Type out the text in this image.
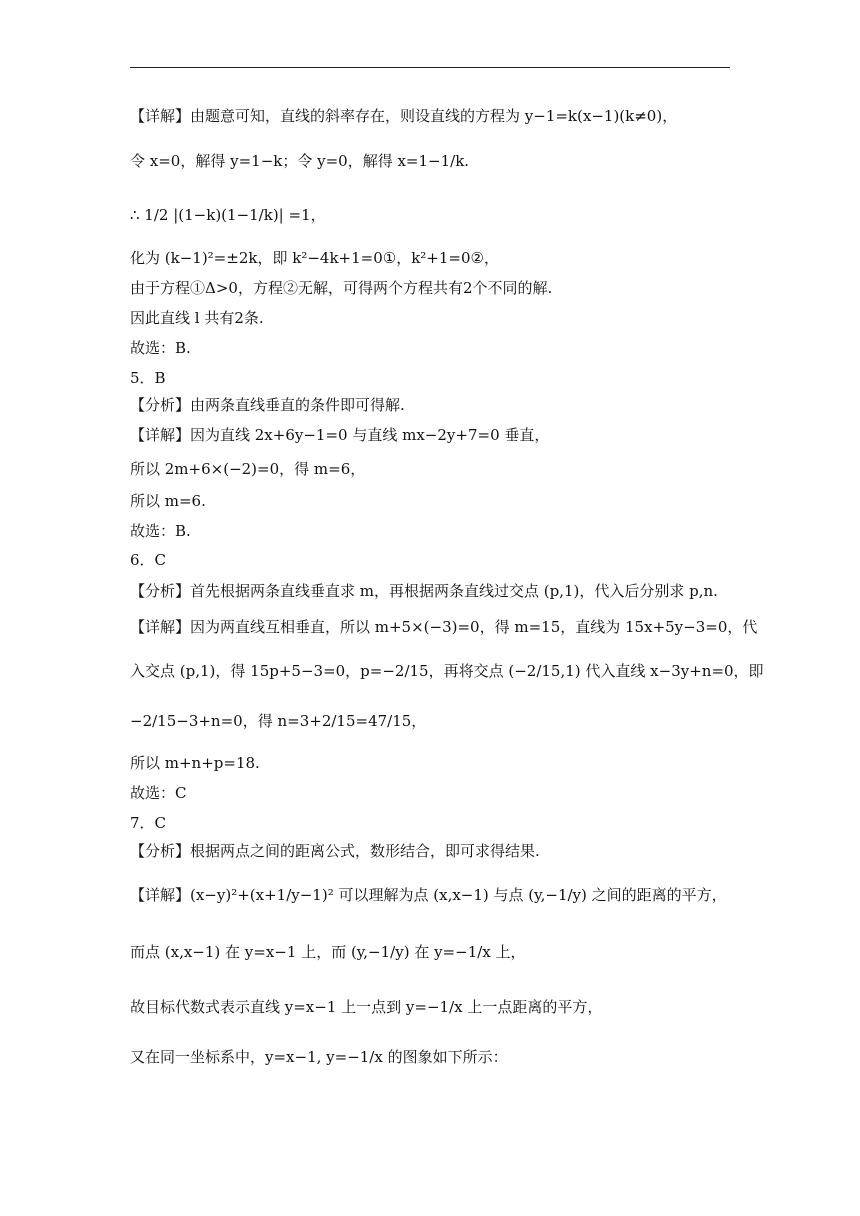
【详解】由题意可知，直线的斜率存在，则设直线的方程为 y−1=k(x−1)(k≠0)，
令 x=0，解得 y=1−k；令 y=0，解得 x=1−1/k.
∴ 1/2 |(1−k)(1−1/k)| =1，
化为 (k−1)²=±2k，即 k²−4k+1=0①，k²+1=0②，
由于方程①Δ>0，方程②无解，可得两个方程共有2个不同的解.
因此直线 l 共有2条.
故选：B.
5．B
【分析】由两条直线垂直的条件即可得解.
【详解】因为直线 2x+6y−1=0 与直线 mx−2y+7=0 垂直，
所以 2m+6×(−2)=0，得 m=6，
所以 m=6.
故选：B.
6．C
【分析】首先根据两条直线垂直求 m，再根据两条直线过交点 (p,1)，代入后分别求 p,n.
【详解】因为两直线互相垂直，所以 m+5×(−3)=0，得 m=15，直线为 15x+5y−3=0，代
入交点 (p,1)，得 15p+5−3=0，p=−2/15，再将交点 (−2/15,1) 代入直线 x−3y+n=0，即
−2/15−3+n=0，得 n=3+2/15=47/15，
所以 m+n+p=18.
故选：C
7．C
【分析】根据两点之间的距离公式，数形结合，即可求得结果.
【详解】(x−y)²+(x+1/y−1)² 可以理解为点 (x,x−1) 与点 (y,−1/y) 之间的距离的平方，
而点 (x,x−1) 在 y=x−1 上，而 (y,−1/y) 在 y=−1/x 上，
故目标代数式表示直线 y=x−1 上一点到 y=−1/x 上一点距离的平方，
又在同一坐标系中，y=x−1, y=−1/x 的图象如下所示：
